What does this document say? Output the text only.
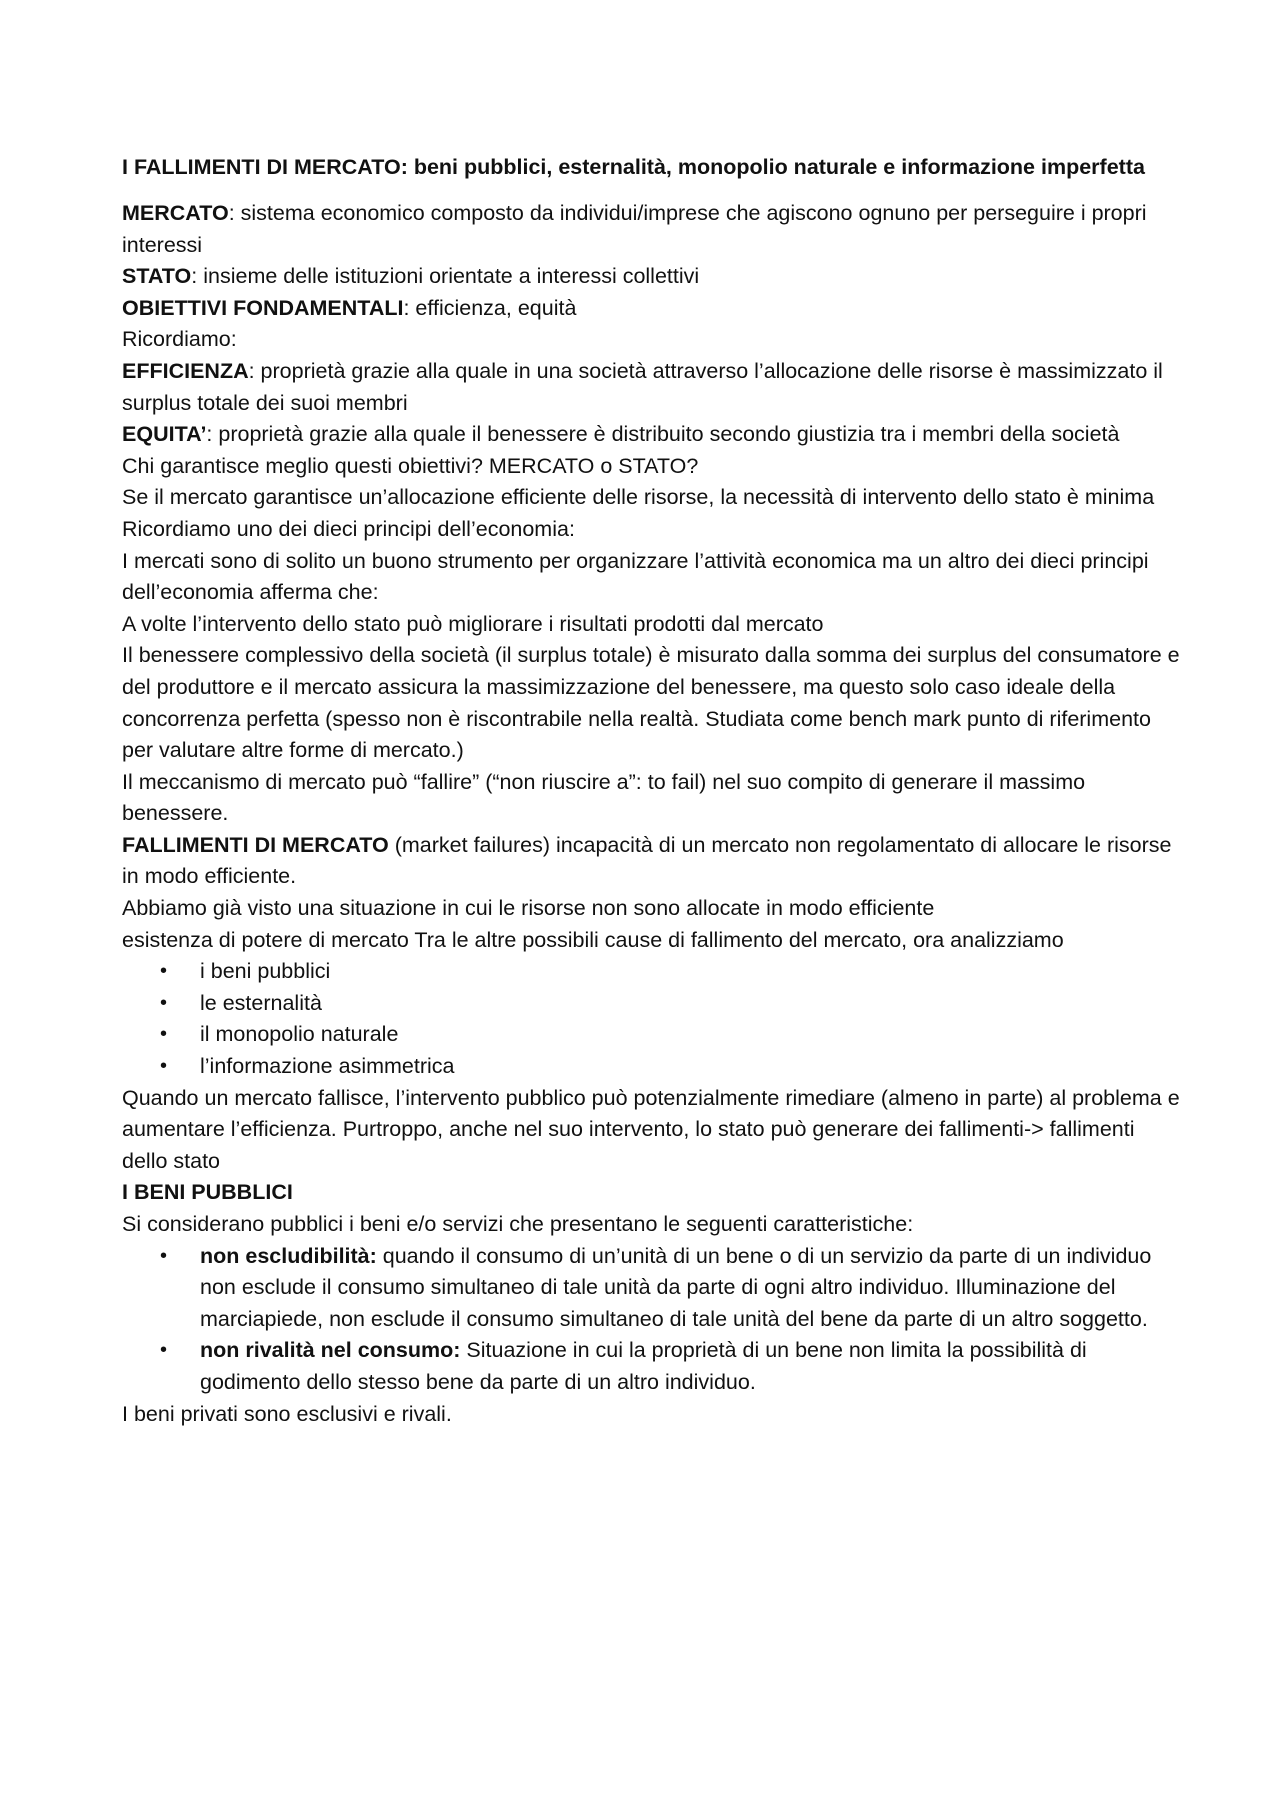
I FALLIMENTI DI MERCATO: beni pubblici, esternalità, monopolio naturale e informazione imperfetta

MERCATO: sistema economico composto da individui/imprese che agiscono ognuno per perseguire i propri interessi

STATO: insieme delle istituzioni orientate a interessi collettivi

OBIETTIVI FONDAMENTALI: efficienza, equità

Ricordiamo:

EFFICIENZA: proprietà grazie alla quale in una società attraverso l’allocazione delle risorse è massimizzato il surplus totale dei suoi membri

EQUITA’: proprietà grazie alla quale il benessere è distribuito secondo giustizia tra i membri della società

Chi garantisce meglio questi obiettivi? MERCATO o STATO?

Se il mercato garantisce un’allocazione efficiente delle risorse, la necessità di intervento dello stato è minima

Ricordiamo uno dei dieci principi dell’economia:

I mercati sono di solito un buono strumento per organizzare l’attività economica ma un altro dei dieci principi dell’economia afferma che:

A volte l’intervento dello stato può migliorare i risultati prodotti dal mercato

Il benessere complessivo della società (il surplus totale) è misurato dalla somma dei surplus del consumatore e del produttore e il mercato assicura la massimizzazione del benessere, ma questo solo caso ideale della concorrenza perfetta (spesso non è riscontrabile nella realtà. Studiata come bench mark punto di riferimento per valutare altre forme di mercato.)

Il meccanismo di mercato può “fallire” (“non riuscire a”: to fail) nel suo compito di generare il massimo benessere.

FALLIMENTI DI MERCATO (market failures) incapacità di un mercato non regolamentato di allocare le risorse in modo efficiente.

Abbiamo già visto una situazione in cui le risorse non sono allocate in modo efficiente

esistenza di potere di mercato Tra le altre possibili cause di fallimento del mercato, ora analizziamo

• i beni pubblici
• le esternalità
• il monopolio naturale
• l’informazione asimmetrica

Quando un mercato fallisce, l’intervento pubblico può potenzialmente rimediare (almeno in parte) al problema e aumentare l’efficienza. Purtroppo, anche nel suo intervento, lo stato può generare dei fallimenti-> fallimenti dello stato

I BENI PUBBLICI

Si considerano pubblici i beni e/o servizi che presentano le seguenti caratteristiche:

• non escludibilità: quando il consumo di un’unità di un bene o di un servizio da parte di un individuo non esclude il consumo simultaneo di tale unità da parte di ogni altro individuo. Illuminazione del marciapiede, non esclude il consumo simultaneo di tale unità del bene da parte di un altro soggetto.
• non rivalità nel consumo: Situazione in cui la proprietà di un bene non limita la possibilità di godimento dello stesso bene da parte di un altro individuo.

I beni privati sono esclusivi e rivali.
